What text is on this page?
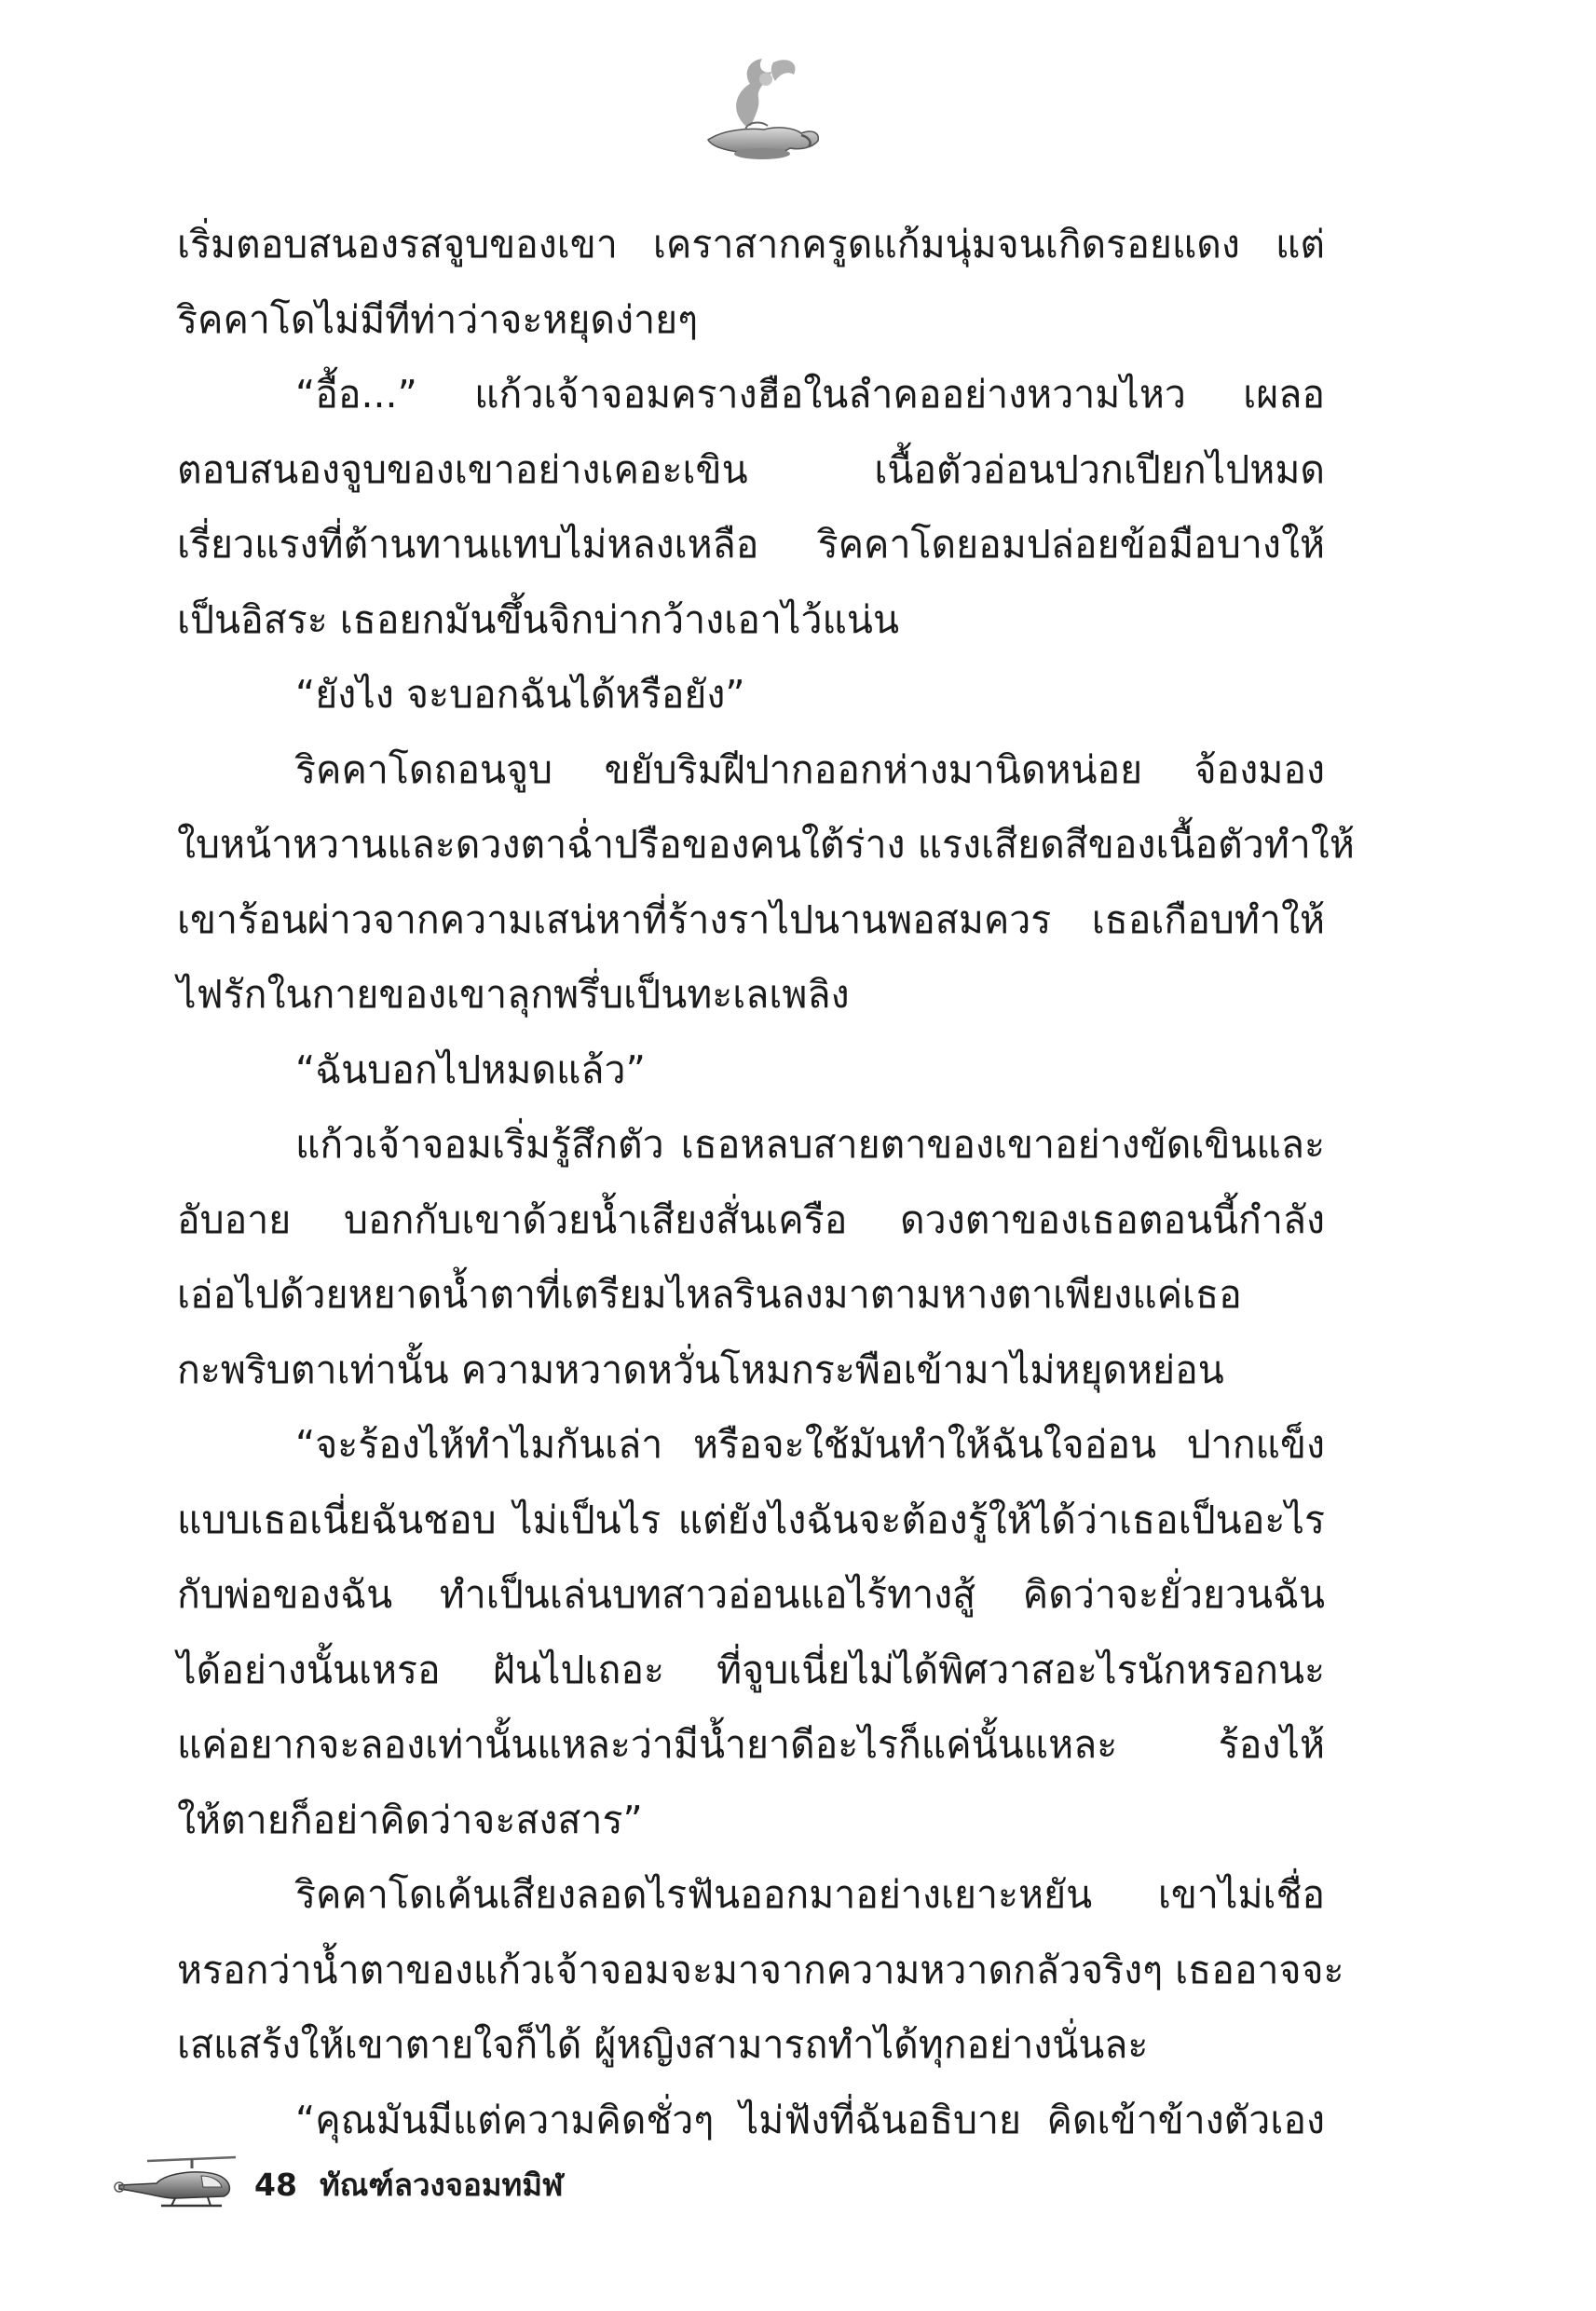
เริ่มตอบสนองรสจูบของเขา เคราสากครูดแก้มนุ่มจนเกิดรอยแดง แต่
ริคคาโดไม่มีทีท่าว่าจะหยุดง่ายๆ
“อื้อ...” แก้วเจ้าจอมครางฮือในลำคออย่างหวามไหว เผลอ
ตอบสนองจูบของเขาอย่างเคอะเขิน เนื้อตัวอ่อนปวกเปียกไปหมด
เรี่ยวแรงที่ต้านทานแทบไม่หลงเหลือ ริคคาโดยอมปล่อยข้อมือบางให้
เป็นอิสระ เธอยกมันขึ้นจิกบ่ากว้างเอาไว้แน่น
“ยังไง จะบอกฉันได้หรือยัง”
ริคคาโดถอนจูบ ขยับริมฝีปากออกห่างมานิดหน่อย จ้องมอง
ใบหน้าหวานและดวงตาฉ่ำปรือของคนใต้ร่าง แรงเสียดสีของเนื้อตัวทำให้
เขาร้อนผ่าวจากความเสน่หาที่ร้างราไปนานพอสมควร เธอเกือบทำให้
ไฟรักในกายของเขาลุกพรึ่บเป็นทะเลเพลิง
“ฉันบอกไปหมดแล้ว”
แก้วเจ้าจอมเริ่มรู้สึกตัว เธอหลบสายตาของเขาอย่างขัดเขินและ
อับอาย บอกกับเขาด้วยน้ำเสียงสั่นเครือ ดวงตาของเธอตอนนี้กำลัง
เอ่อไปด้วยหยาดน้ำตาที่เตรียมไหลรินลงมาตามหางตาเพียงแค่เธอ
กะพริบตาเท่านั้น ความหวาดหวั่นโหมกระพือเข้ามาไม่หยุดหย่อน
“จะร้องไห้ทำไมกันเล่า หรือจะใช้มันทำให้ฉันใจอ่อน ปากแข็ง
แบบเธอเนี่ยฉันชอบ ไม่เป็นไร แต่ยังไงฉันจะต้องรู้ให้ได้ว่าเธอเป็นอะไร
กับพ่อของฉัน ทำเป็นเล่นบทสาวอ่อนแอไร้ทางสู้ คิดว่าจะยั่วยวนฉัน
ได้อย่างนั้นเหรอ ฝันไปเถอะ ที่จูบเนี่ยไม่ได้พิศวาสอะไรนักหรอกนะ
แค่อยากจะลองเท่านั้นแหละว่ามีน้ำยาดีอะไรก็แค่นั้นแหละ ร้องไห้
ให้ตายก็อย่าคิดว่าจะสงสาร”
ริคคาโดเค้นเสียงลอดไรฟันออกมาอย่างเยาะหยัน เขาไม่เชื่อ
หรอกว่าน้ำตาของแก้วเจ้าจอมจะมาจากความหวาดกลัวจริงๆ เธออาจจะ
เสแสร้งให้เขาตายใจก็ได้ ผู้หญิงสามารถทำได้ทุกอย่างนั่นละ
“คุณมันมีแต่ความคิดชั่วๆ ไม่ฟังที่ฉันอธิบาย คิดเข้าข้างตัวเอง
48 ทัณฑ์ลวงจอมทมิฬ
